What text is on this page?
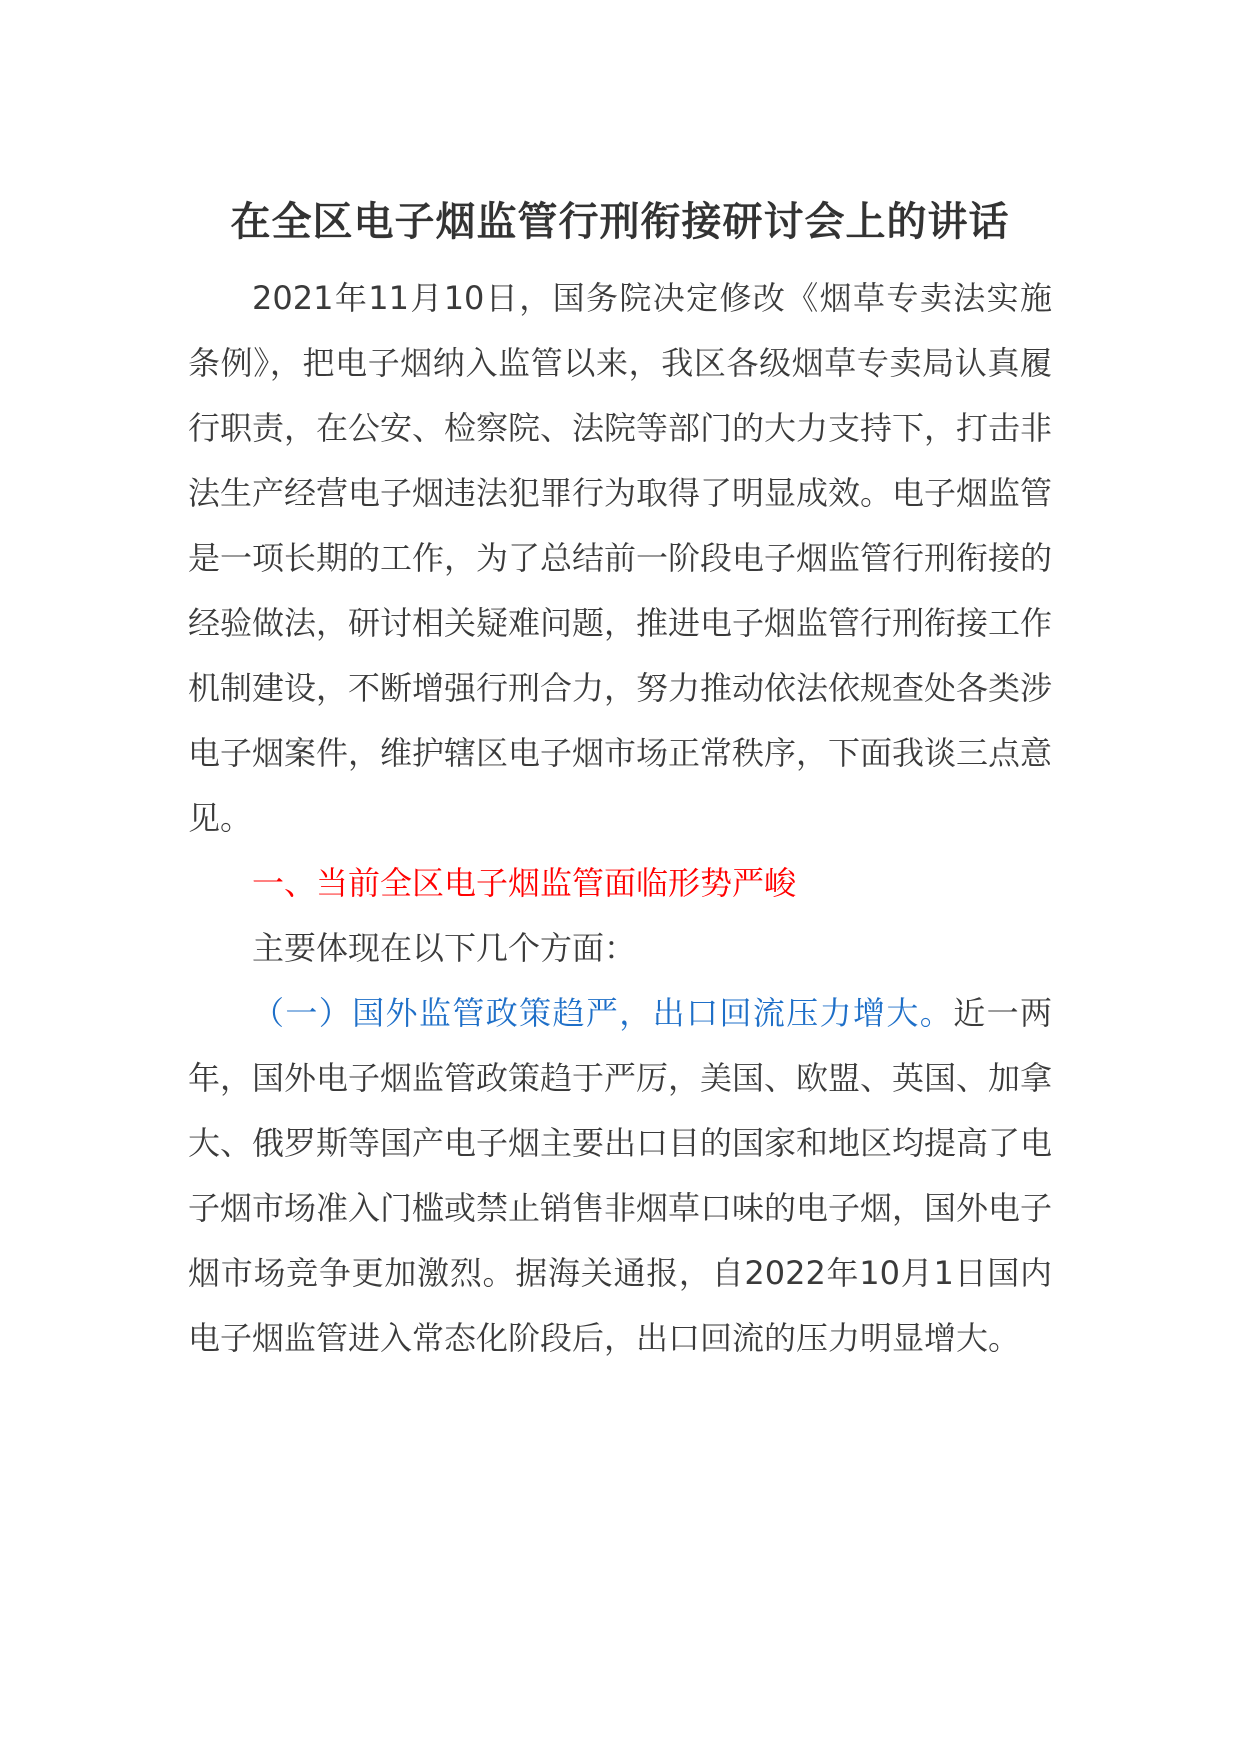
在全区电子烟监管行刑衔接研讨会上的讲话

2021年11月10日，国务院决定修改《烟草专卖法实施条例》，把电子烟纳入监管以来，我区各级烟草专卖局认真履行职责，在公安、检察院、法院等部门的大力支持下，打击非法生产经营电子烟违法犯罪行为取得了明显成效。电子烟监管是一项长期的工作，为了总结前一阶段电子烟监管行刑衔接的经验做法，研讨相关疑难问题，推进电子烟监管行刑衔接工作机制建设，不断增强行刑合力，努力推动依法依规查处各类涉电子烟案件，维护辖区电子烟市场正常秩序，下面我谈三点意见。

一、当前全区电子烟监管面临形势严峻

主要体现在以下几个方面：

（一）国外监管政策趋严，出口回流压力增大。近一两年，国外电子烟监管政策趋于严厉，美国、欧盟、英国、加拿大、俄罗斯等国产电子烟主要出口目的国家和地区均提高了电子烟市场准入门槛或禁止销售非烟草口味的电子烟，国外电子烟市场竞争更加激烈。据海关通报，自2022年10月1日国内电子烟监管进入常态化阶段后，出口回流的压力明显增大。
